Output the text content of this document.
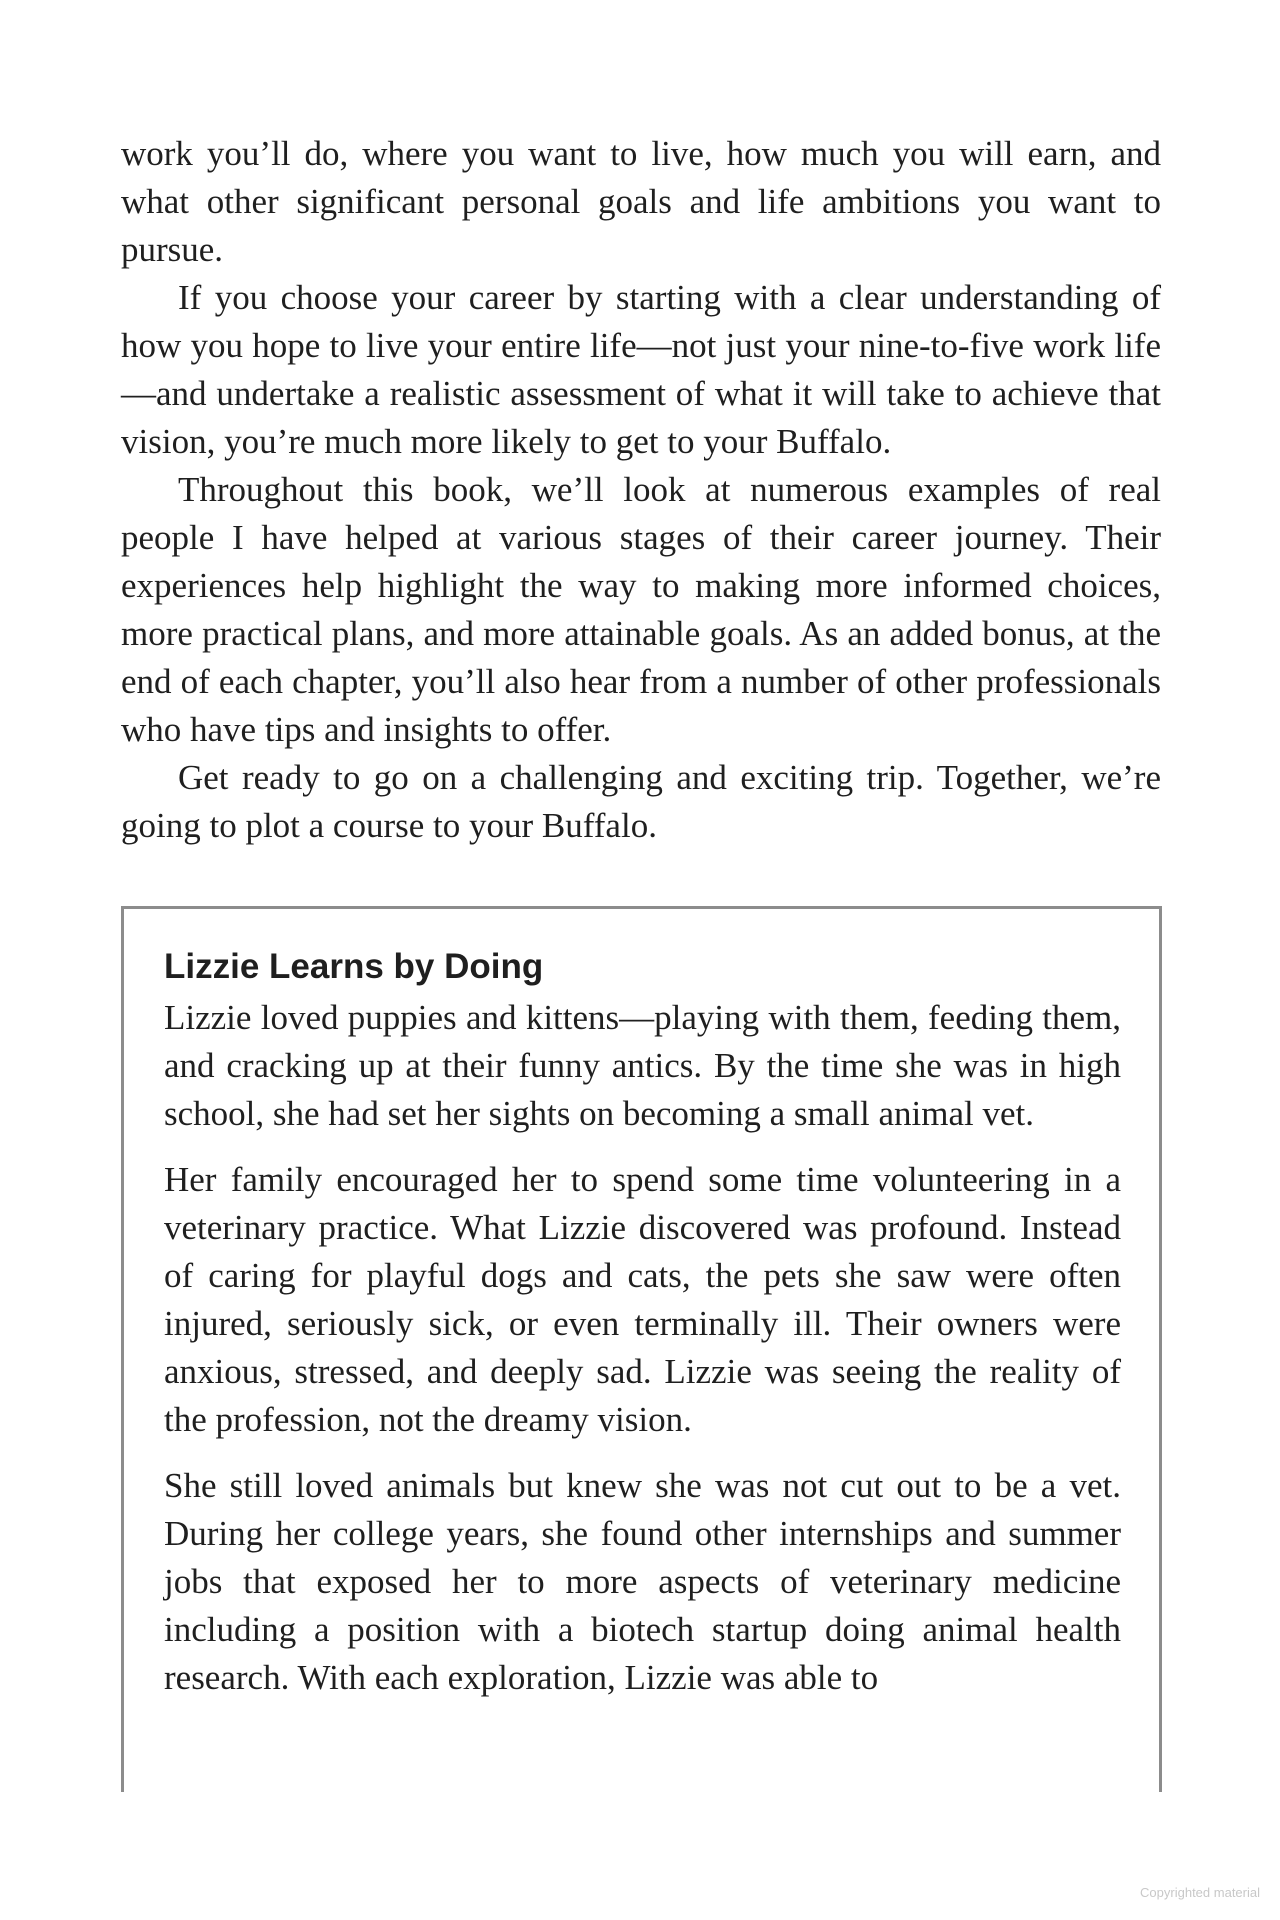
work you’ll do, where you want to live, how much you will earn, and what other significant personal goals and life ambitions you want to pursue.

If you choose your career by starting with a clear understanding of how you hope to live your entire life—not just your nine-to-five work life—and undertake a realistic assessment of what it will take to achieve that vision, you’re much more likely to get to your Buffalo.

Throughout this book, we’ll look at numerous examples of real people I have helped at various stages of their career journey. Their experiences help highlight the way to making more informed choices, more practical plans, and more attainable goals. As an added bonus, at the end of each chapter, you’ll also hear from a number of other professionals who have tips and insights to offer.

Get ready to go on a challenging and exciting trip. Together, we’re going to plot a course to your Buffalo.

Lizzie Learns by Doing

Lizzie loved puppies and kittens—playing with them, feeding them, and cracking up at their funny antics. By the time she was in high school, she had set her sights on becoming a small animal vet.

Her family encouraged her to spend some time volunteering in a veterinary practice. What Lizzie discovered was profound. Instead of caring for playful dogs and cats, the pets she saw were often injured, seriously sick, or even terminally ill. Their owners were anxious, stressed, and deeply sad. Lizzie was seeing the reality of the profession, not the dreamy vision.

She still loved animals but knew she was not cut out to be a vet. During her college years, she found other internships and summer jobs that exposed her to more aspects of veterinary medicine including a position with a biotech startup doing animal health research. With each exploration, Lizzie was able to

Copyrighted material
